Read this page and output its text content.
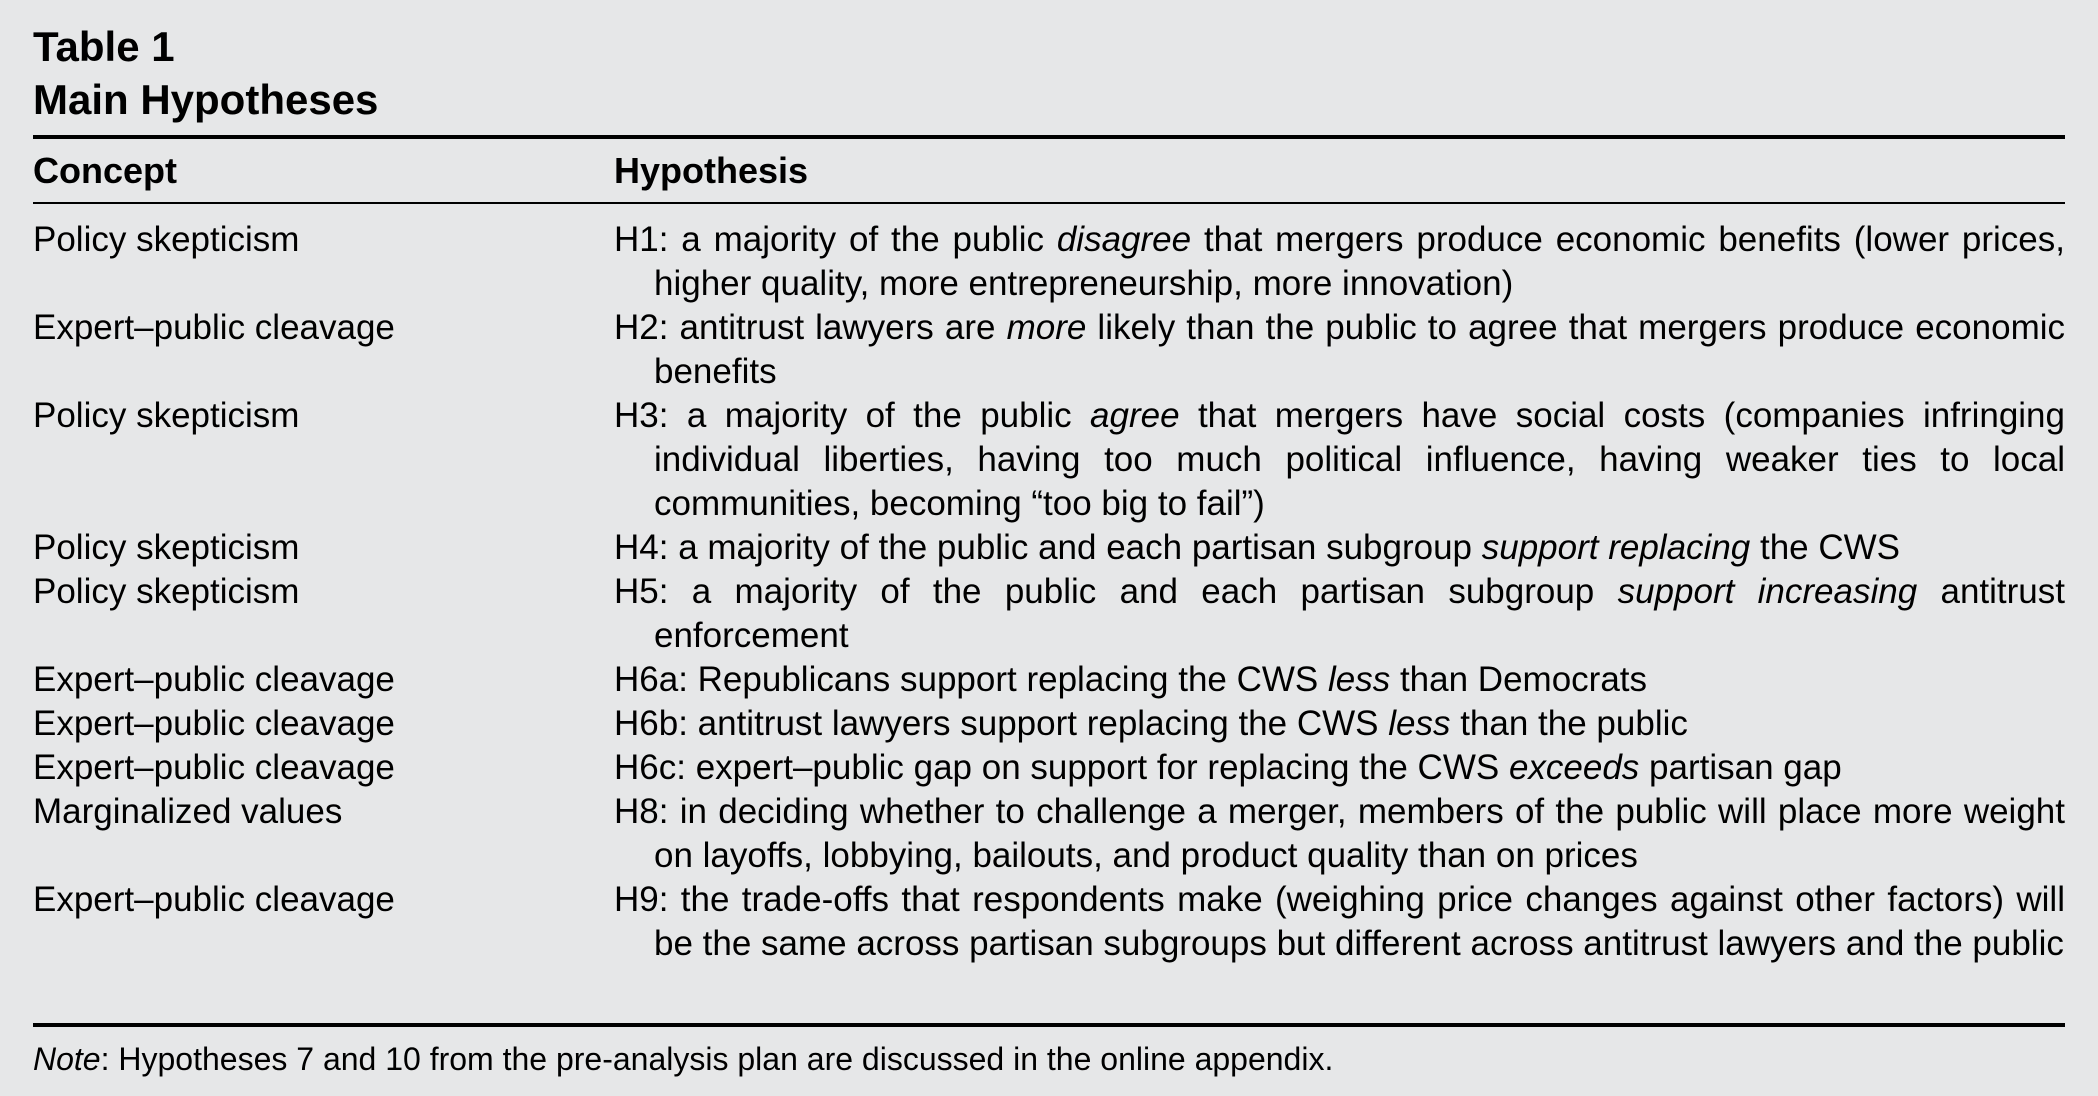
Table 1

Main Hypotheses

Concept	Hypothesis
Policy skepticism	H1: a majority of the public disagree that mergers produce economic benefits (lower prices, higher quality, more entrepreneurship, more innovation)
Expert–public cleavage	H2: antitrust lawyers are more likely than the public to agree that mergers produce economic benefits
Policy skepticism	H3: a majority of the public agree that mergers have social costs (companies infringing individual liberties, having too much political influence, having weaker ties to local communities, becoming “too big to fail”)
Policy skepticism	H4: a majority of the public and each partisan subgroup support replacing the CWS
Policy skepticism	H5: a majority of the public and each partisan subgroup support increasing antitrust enforcement
Expert–public cleavage	H6a: Republicans support replacing the CWS less than Democrats
Expert–public cleavage	H6b: antitrust lawyers support replacing the CWS less than the public
Expert–public cleavage	H6c: expert–public gap on support for replacing the CWS exceeds partisan gap
Marginalized values	H8: in deciding whether to challenge a merger, members of the public will place more weight on layoffs, lobbying, bailouts, and product quality than on prices
Expert–public cleavage	H9: the trade-offs that respondents make (weighing price changes against other factors) will be the same across partisan subgroups but different across antitrust lawyers and the public
Note: Hypotheses 7 and 10 from the pre-analysis plan are discussed in the online appendix.
